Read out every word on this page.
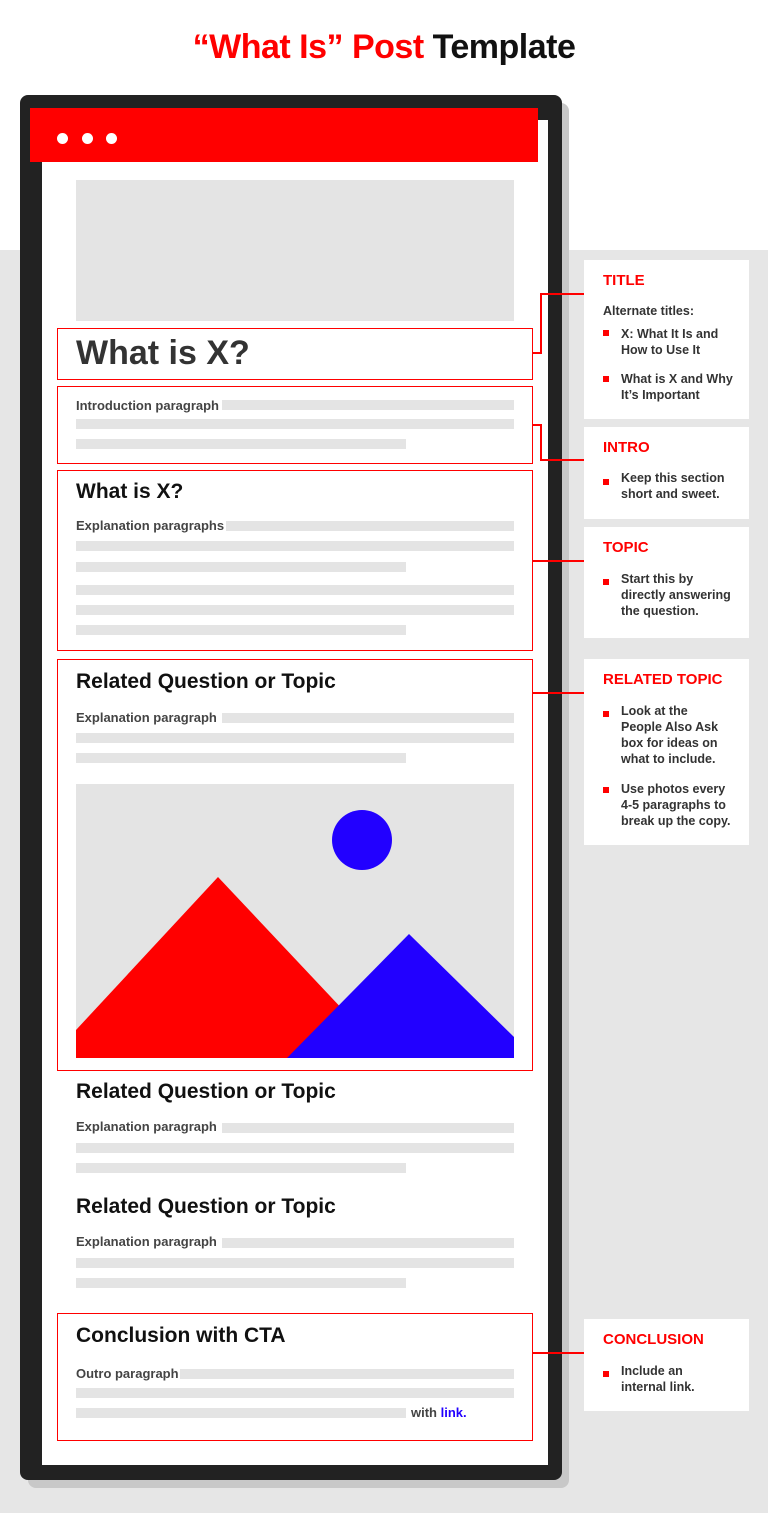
“What Is” Post Template
What is X?
Introduction paragraph
What is X?
Explanation paragraphs
Related Question or Topic
Explanation paragraph
Related Question or Topic
Explanation paragraph
Related Question or Topic
Explanation paragraph
Conclusion with CTA
Outro paragraph
with link.
TITLE
Alternate titles:
X: What It Is and How to Use It
What is X and Why It’s Important
INTRO
Keep this section short and sweet.
TOPIC
Start this by directly answering the question.
RELATED TOPIC
Look at the People Also Ask box for ideas on what to include.
Use photos every 4-5 paragraphs to break up the copy.
CONCLUSION
Include an internal link.
